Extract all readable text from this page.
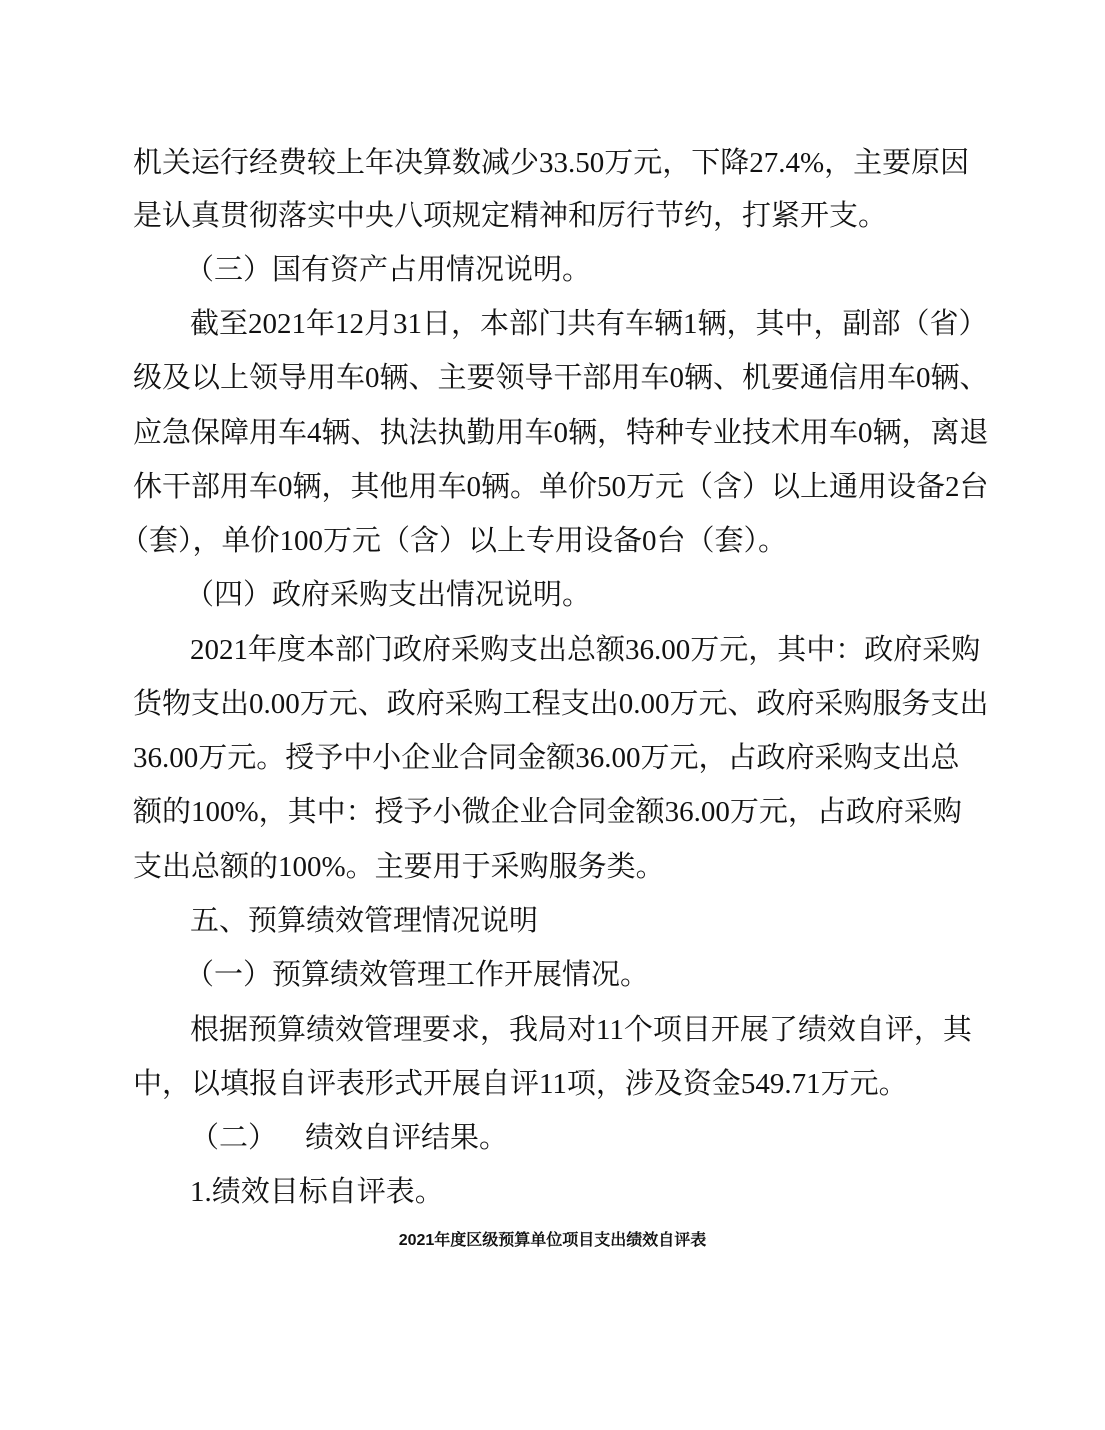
机关运行经费较上年决算数减少33.50万元，下降27.4%，主要原因
是认真贯彻落实中央八项规定精神和厉行节约，打紧开支。
（三）国有资产占用情况说明。
截至2021年12月31日，本部门共有车辆1辆，其中，副部（省）
级及以上领导用车0辆、主要领导干部用车0辆、机要通信用车0辆、
应急保障用车4辆、执法执勤用车0辆，特种专业技术用车0辆，离退
休干部用车0辆，其他用车0辆。单价50万元（含）以上通用设备2台
（套），单价100万元（含）以上专用设备0台（套）。
（四）政府采购支出情况说明。
2021年度本部门政府采购支出总额36.00万元，其中：政府采购
货物支出0.00万元、政府采购工程支出0.00万元、政府采购服务支出
36.00万元。授予中小企业合同金额36.00万元，占政府采购支出总
额的100%，其中：授予小微企业合同金额36.00万元，占政府采购
支出总额的100%。主要用于采购服务类。
五、预算绩效管理情况说明
（一）预算绩效管理工作开展情况。
根据预算绩效管理要求，我局对11个项目开展了绩效自评，其
中，以填报自评表形式开展自评11项，涉及资金549.71万元。
（二） 绩效自评结果。
1.绩效目标自评表。
2021年度区级预算单位项目支出绩效自评表
